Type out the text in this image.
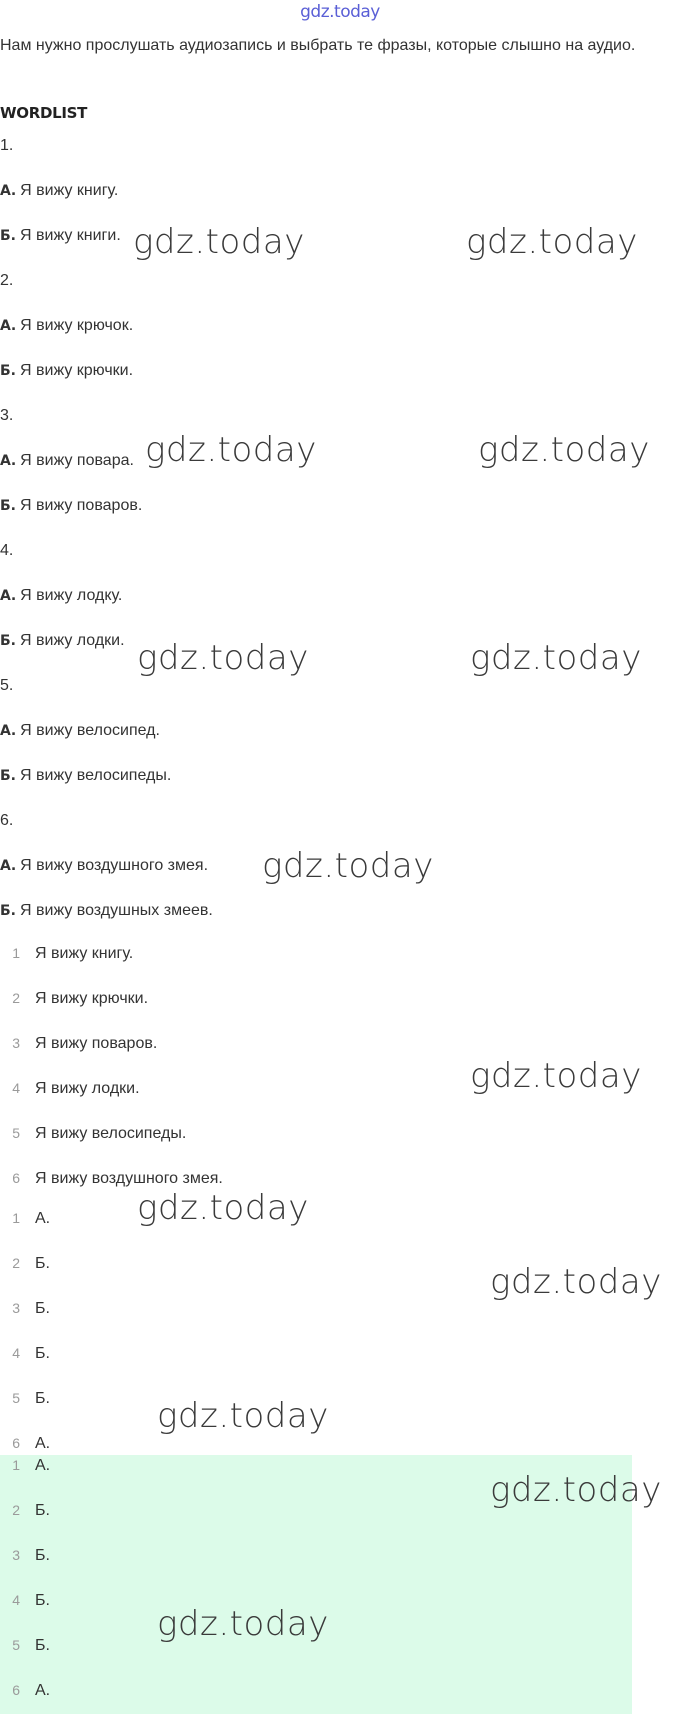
gdz.today
Нам нужно прослушать аудиозапись и выбрать те фразы, которые слышно на аудио.
WORDLIST
1.
А. Я вижу книгу.
Б. Я вижу книги.
2.
А. Я вижу крючок.
Б. Я вижу крючки.
3.
А. Я вижу повара.
Б. Я вижу поваров.
4.
А. Я вижу лодку.
Б. Я вижу лодки.
5.
А. Я вижу велосипед.
Б. Я вижу велосипеды.
6.
А. Я вижу воздушного змея.
Б. Я вижу воздушных змеев.
1 Я вижу книгу.
2 Я вижу крючки.
3 Я вижу поваров.
4 Я вижу лодки.
5 Я вижу велосипеды.
6 Я вижу воздушного змея.
1 А.
2 Б.
3 Б.
4 Б.
5 Б.
6 А.
1 А.
2 Б.
3 Б.
4 Б.
5 Б.
6 А.
gdz.today	gdz.today
gdz.today	gdz.today
gdz.today	gdz.today
gdz.today
gdz.today
gdz.today
gdz.today
gdz.today
gdz.today
gdz.today
